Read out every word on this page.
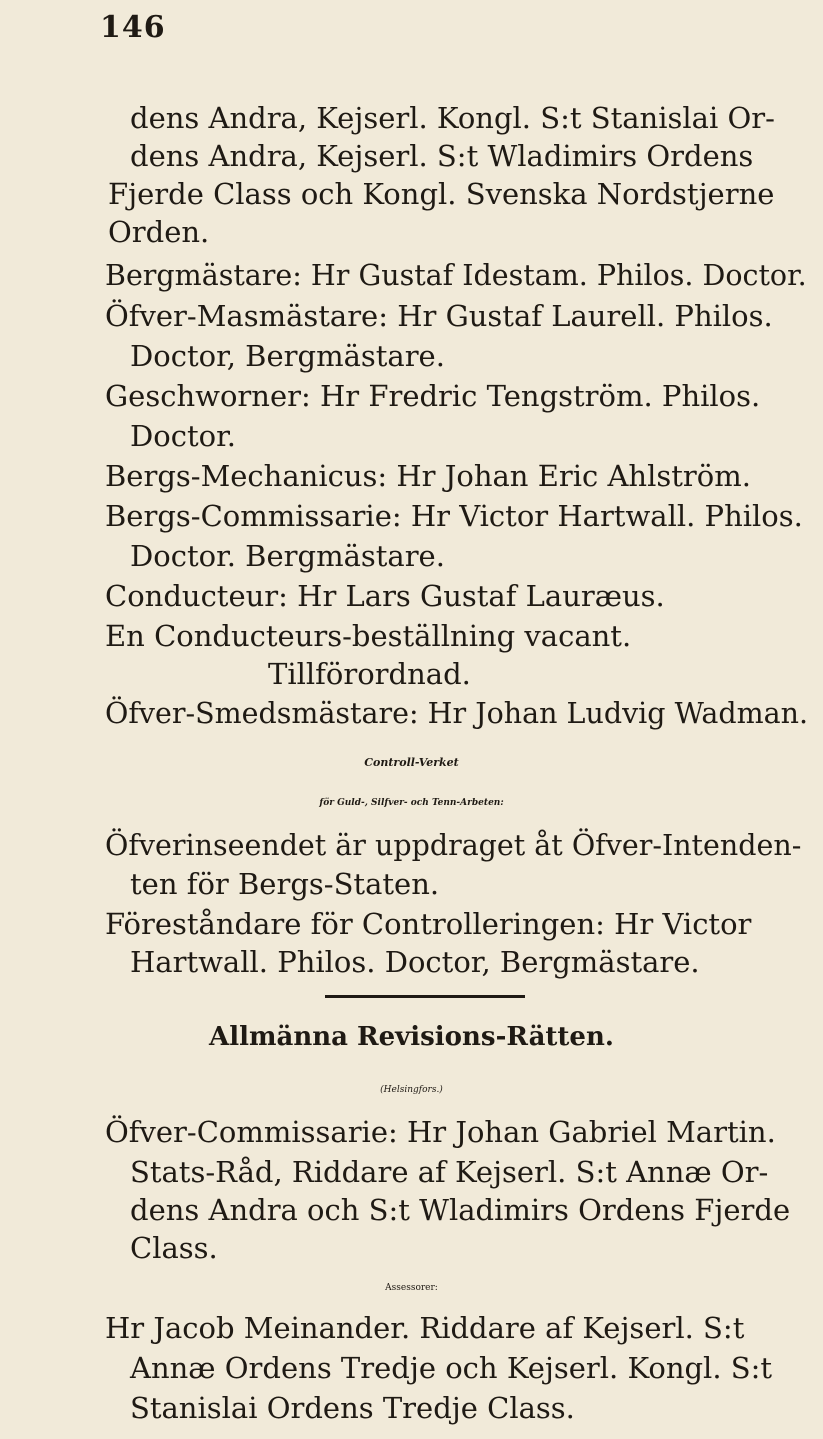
146
dens Andra, Kejserl. Kongl. S:t Stanislai Or-
dens Andra, Kejserl. S:t Wladimirs Ordens
Fjerde Class och Kongl. Svenska Nordstjerne
Orden.
Bergmästare: Hr Gustaf Idestam. Philos. Doctor.
Öfver-Masmästare: Hr Gustaf Laurell. Philos.
Doctor, Bergmästare.
Geschworner: Hr Fredric Tengström. Philos.
Doctor.
Bergs-Mechanicus: Hr Johan Eric Ahlström.
Bergs-Commissarie: Hr Victor Hartwall. Philos.
Doctor. Bergmästare.
Conducteur: Hr Lars Gustaf Lauræus.
En Conducteurs-beställning vacant.
Tillförordnad.
Öfver-Smedsmästare: Hr Johan Ludvig Wadman.
Controll-Verket
för Guld-, Silfver- och Tenn-Arbeten:
Öfverinseendet är uppdraget åt Öfver-Intenden-
ten för Bergs-Staten.
Föreståndare för Controlleringen: Hr Victor
Hartwall. Philos. Doctor, Bergmästare.
Allmänna Revisions-Rätten.
(Helsingfors.)
Öfver-Commissarie: Hr Johan Gabriel Martin.
Stats-Råd, Riddare af Kejserl. S:t Annæ Or-
dens Andra och S:t Wladimirs Ordens Fjerde
Class.
Assessorer:
Hr Jacob Meinander. Riddare af Kejserl. S:t
Annæ Ordens Tredje och Kejserl. Kongl. S:t
Stanislai Ordens Tredje Class.
